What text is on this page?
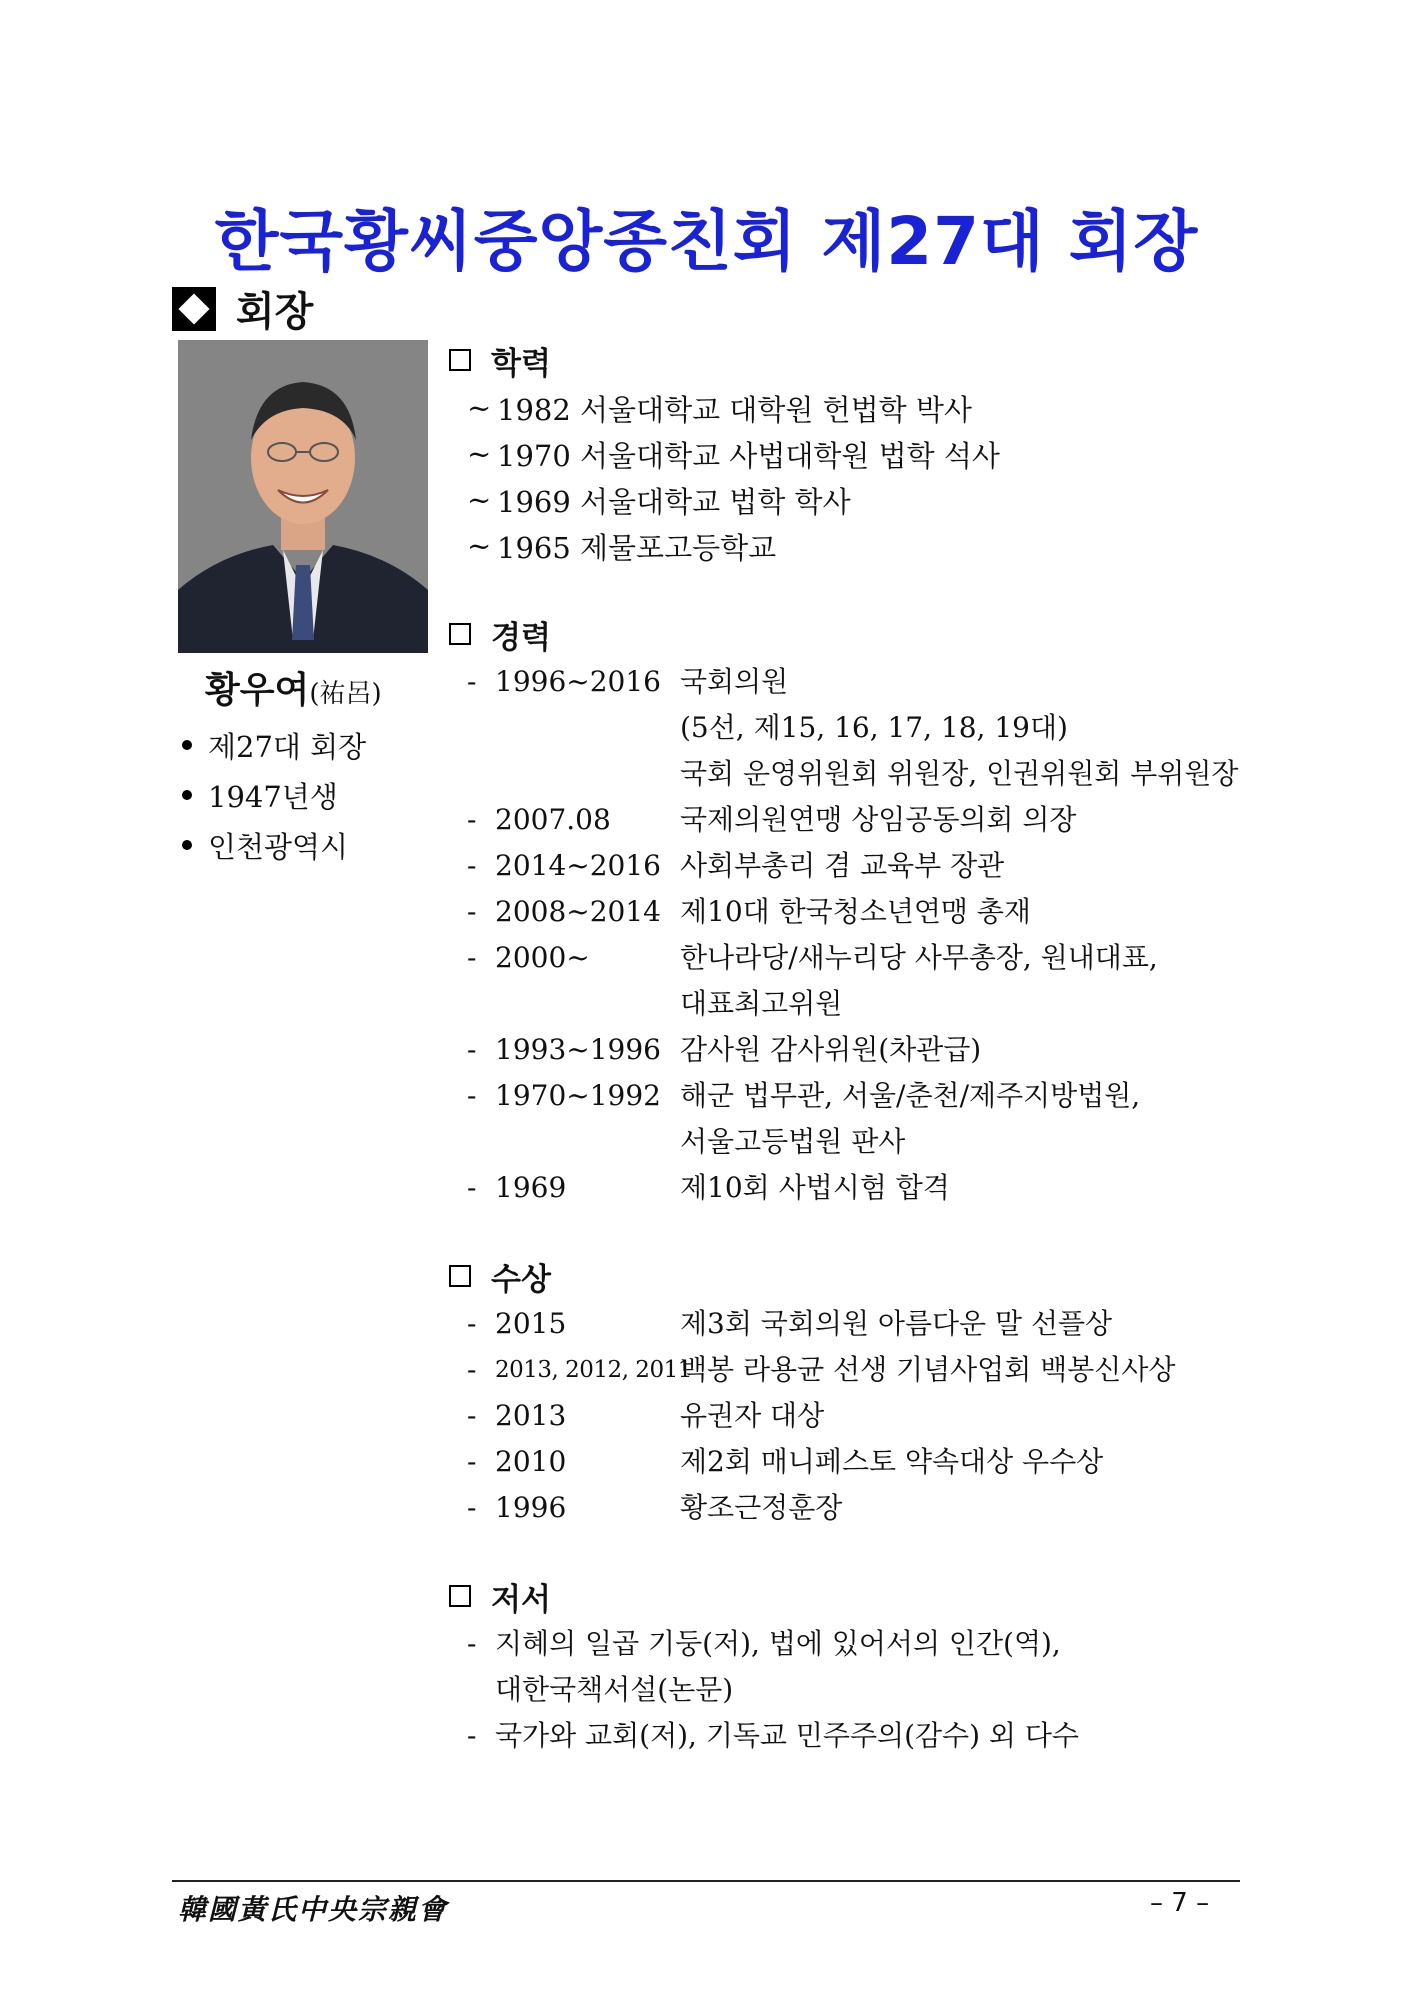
한국황씨중앙종친회 제27대 회장
회장
황우여(祐呂)
제27대 회장
1947년생
인천광역시
학력
~ 1982 서울대학교 대학원 헌법학 박사
~ 1970 서울대학교 사법대학원 법학 석사
~ 1969 서울대학교 법학 학사
~ 1965 제물포고등학교
경력
- 1996~2016 국회의원
(5선, 제15, 16, 17, 18, 19대)
국회 운영위원회 위원장, 인권위원회 부위원장
- 2007.08	국제의원연맹 상임공동의회 의장
- 2014~2016 사회부총리 겸 교육부 장관
- 2008~2014 제10대 한국청소년연맹 총재
- 2000~	한나라당/새누리당 사무총장, 원내대표,
대표최고위원
- 1993~1996 감사원 감사위원(차관급)
- 1970~1992 해군 법무관, 서울/춘천/제주지방법원,
서울고등법원 판사
- 1969	제10회 사법시험 합격
수상
- 2015	제3회 국회의원 아름다운 말 선플상
- 2013, 2012, 2011
백봉 라용균 선생 기념사업회 백봉신사상
- 2013	유권자 대상
- 2010	제2회 매니페스토 약속대상 우수상
- 1996	황조근정훈장
저서
- 지혜의 일곱 기둥(저), 법에 있어서의 인간(역),
대한국책서설(논문)
- 국가와 교회(저), 기독교 민주주의(감수) 외 다수
韓國黃氏中央宗親會	– 7 –
